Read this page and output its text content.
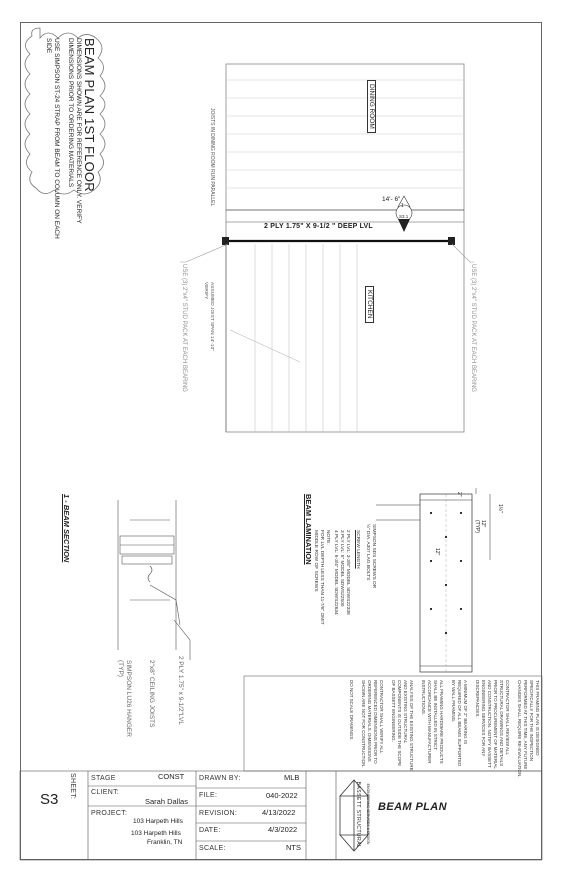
BEAM PLAN 1ST FLOOR
DIMENSIONS SHOWN ARE FOR REFERENCE ONLY. VERIFY
DIMENSIONS PRIOR TO ORDERING MATERIALS
USE SIMPSON ST-24 STRAP FROM BEAM TO COLUMN ON EACH
SIDE
JOISTS IN DINING ROOM RUN PARALLEL
DINING ROOM
KITCHEN
2 PLY 1.75" X 9-1/2 " DEEP LVL
14'- 6"
1
S3.1
USE (3) 2"x4" STUD PACK AT EACH BEARING	USE (3) 2"x4" STUD PACK AT EACH BEARING
ASSUMED JOIST SPAN 14'-10"
VERIFY
BEAM LAMINATION	SIMPSON SDS SCREWS OR
½" DIA. A307 LAG BOLTS
SCREW LENGTH
2 PLY LVL: 3-3/8" MODEL SDWS22338
3 PLY LVL: 5" MODEL SDWS22500
4 PLY LVL: 6-3/4" MODEL SDWS22634
NOTE:
FOR LVL DEPTH LESS THAN 11-7/8" OMIT
MIDDLE ROW OF SCREWS
1½"
12"
(TYP)
2"
12"
1 - BEAM SECTION
2 PLY 1.75" x 9-1/2"LVL
2"x8" CEILING JOISTS
SIMPSON LU26 HANGER
(TYP)
THIS FRAMING PLAN IS DESIGNED
SPECIFICALLY FOR THE INSPECTION
PERFORMED AT THIS TIME, ANY FUTURE
CHANGES SHALL REQUIRE RE-EVALUATION.

CONTRACTOR SHALL REVIEW ALL
STRUCTURAL DRAWINGS AND DETAILS
PRIOR TO PROCUREMENT OF MATERIAL
AND CONSTRUCTION. NOTIFY BASSETT
ENGINEERING SERVICES FOR ANY
DISCREPANCIES.

A MINIMUM OF 2" BEARING IS
REQUIRED OF ALL BEAMS SUPPORTED
BY WALL FRAMING.

ALL FRAMING HARDWARE PRODUCTS
SHALL BE INSTALLED IN STRICT
ACCORDANCE WITH MANUFACTURER
INSTRUCTIONS.

ANALYSIS OF THE EXISTING STRUCTURE
AND EXISTING STRUCTURAL
COMPONENTS IS OUTSIDE THE SCOPE
OF BASSETT ENGINEERING.

CONTRACTOR SHALL VERIFY ALL
REFERENCED DIMENSIONS PRIOR TO
ORDERING MATERIALS. DIMENSIONS
SHOWN ARE NOT FOR CONSTRUCTION.

DO NOT SCALE DRAWINGS.
SHEET:
S3
STAGE	CONST
CLIENT:
Sarah Dallas
PROJECT:
103 Harpeth Hills
103 Harpeth Hills
Franklin, TN
DRAWN BY:	MLB
FILE:	040-2022
REVISION:	4/13/2022
DATE:	4/3/2022
SCALE:	NTS	BASSETT STRUCTURAL ENGINEERING SERVICES & DESIGN BEAM PLAN
